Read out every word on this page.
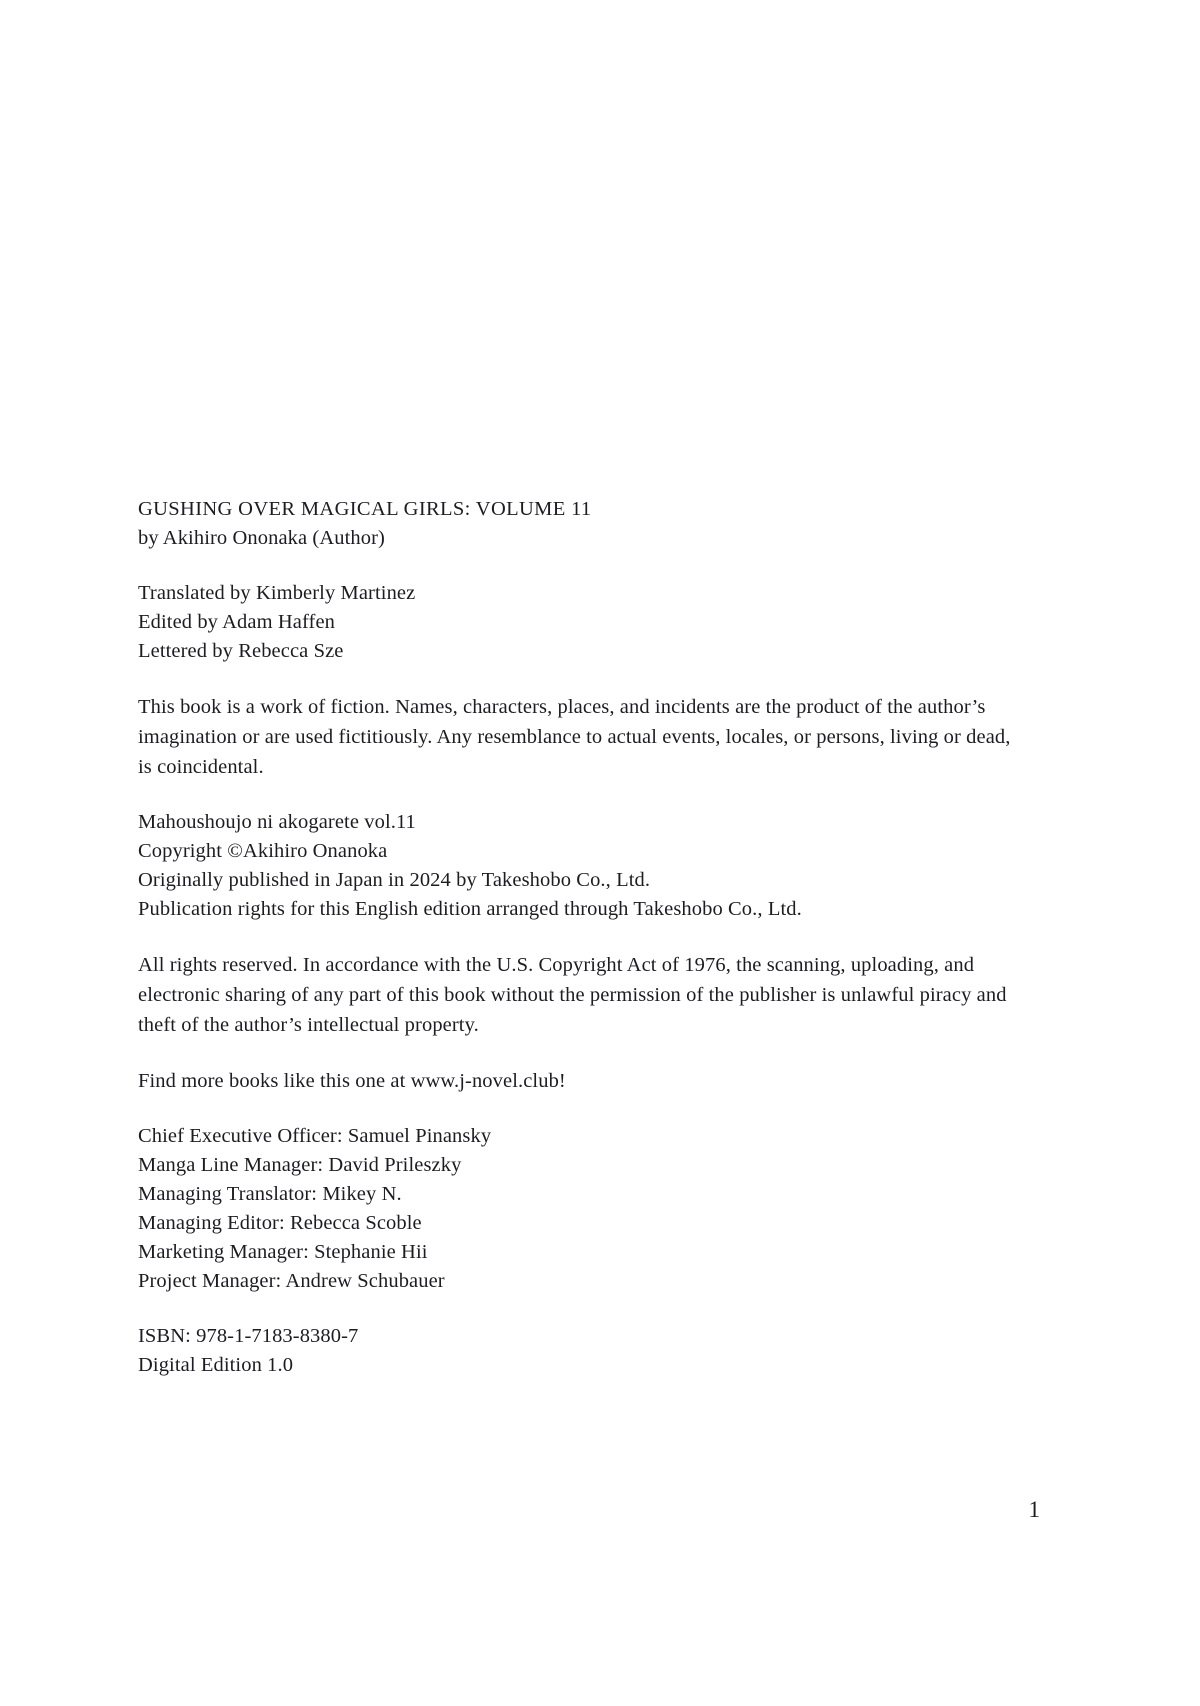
GUSHING OVER MAGICAL GIRLS: VOLUME 11
by Akihiro Ononaka (Author)
Translated by Kimberly Martinez
Edited by Adam Haffen
Lettered by Rebecca Sze

This book is a work of fiction. Names, characters, places, and incidents are the product of the author’s imagination or are used fictitiously. Any resemblance to actual events, locales, or persons, living or dead, is coincidental.

Mahoushoujo ni akogarete vol.11
Copyright ©Akihiro Onanoka
Originally published in Japan in 2024 by Takeshobo Co., Ltd.
Publication rights for this English edition arranged through Takeshobo Co., Ltd.

All rights reserved. In accordance with the U.S. Copyright Act of 1976, the scanning, uploading, and electronic sharing of any part of this book without the permission of the publisher is unlawful piracy and theft of the author’s intellectual property.

Find more books like this one at www.j-novel.club!

Chief Executive Officer: Samuel Pinansky
Manga Line Manager: David Prileszky
Managing Translator: Mikey N.
Managing Editor: Rebecca Scoble
Marketing Manager: Stephanie Hii
Project Manager: Andrew Schubauer
ISBN: 978-1-7183-8380-7
Digital Edition 1.0
1
